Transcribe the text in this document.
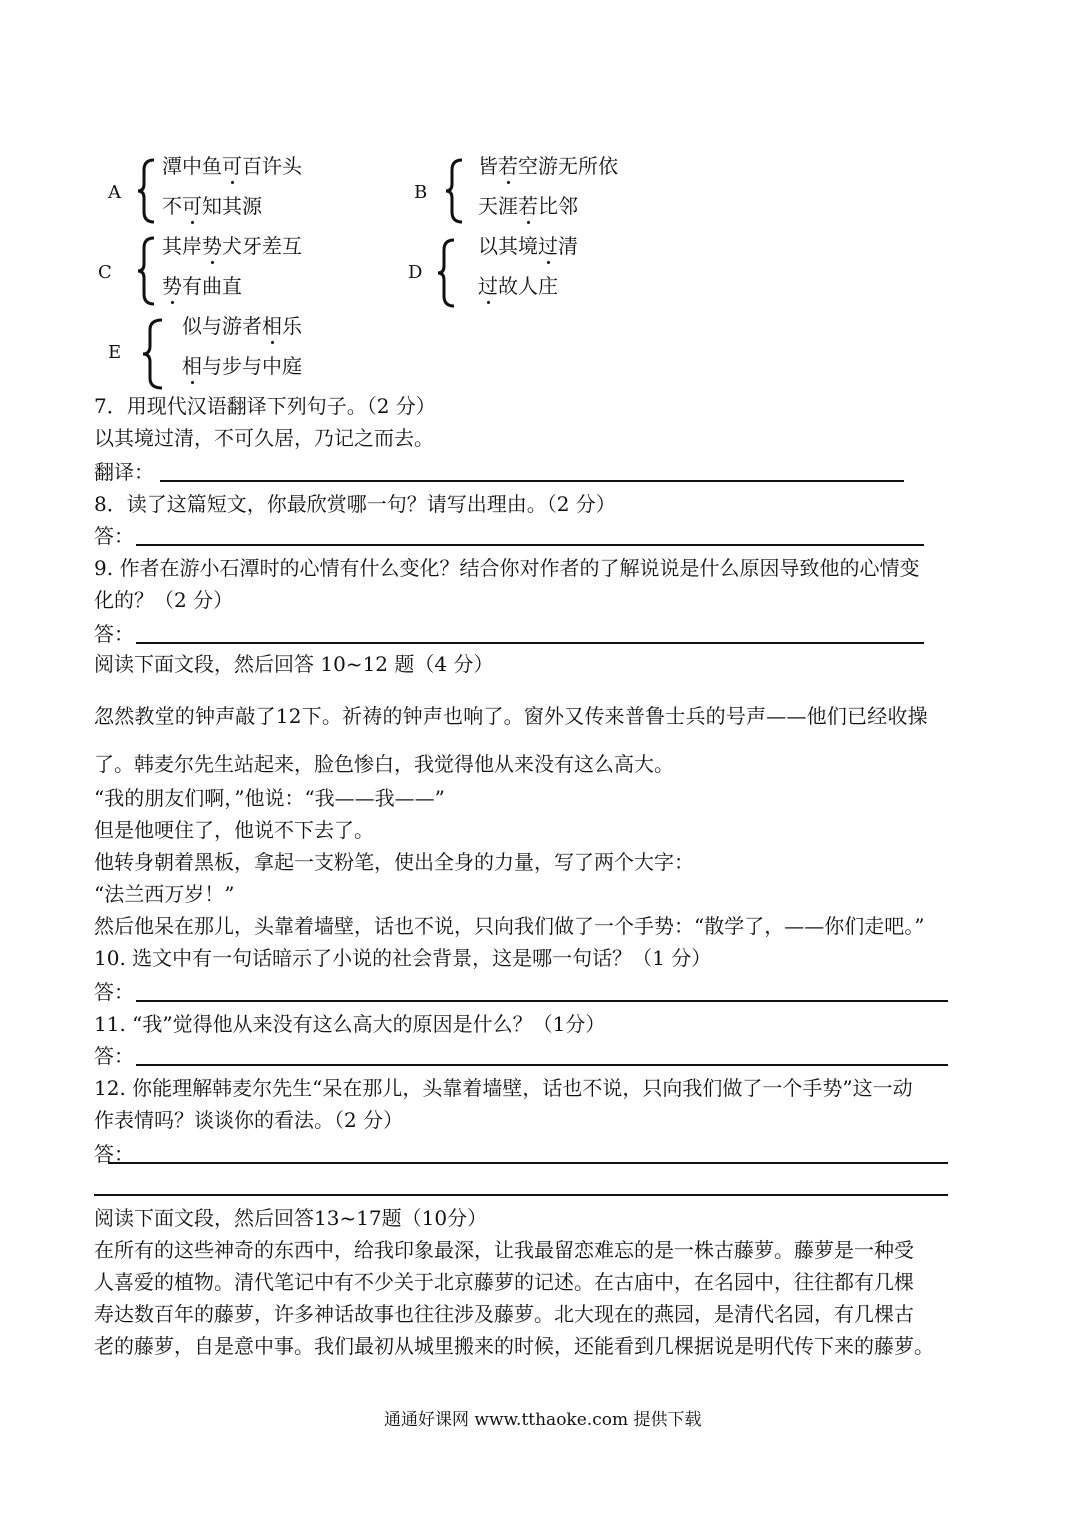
A
潭中鱼可百许头
不可知其源
B
皆若空游无所依
天涯若比邻
C
其岸势犬牙差互
势有曲直
D
以其境过清
过故人庄
E
似与游者相乐
相与步与中庭
7．用现代汉语翻译下列句子。（2 分）
以其境过清，不可久居，乃记之而去。
翻译：
8．读了这篇短文，你最欣赏哪一句？请写出理由。（2 分）
答：
9. 作者在游小石潭时的心情有什么变化？结合你对作者的了解说说是什么原因导致他的心情变
化的？（2 分）
答：
阅读下面文段，然后回答 10~12 题（4 分）
忽然教堂的钟声敲了12下。祈祷的钟声也响了。窗外又传来普鲁士兵的号声——他们已经收操
了。韩麦尔先生站起来，脸色惨白，我觉得他从来没有这么高大。
“我的朋友们啊，”他说：“我——我——”
但是他哽住了，他说不下去了。
他转身朝着黑板，拿起一支粉笔，使出全身的力量，写了两个大字：
“法兰西万岁！”
然后他呆在那儿，头靠着墙壁，话也不说，只向我们做了一个手势：“散学了，——你们走吧。”
10. 选文中有一句话暗示了小说的社会背景，这是哪一句话？（1 分）
答：
11. “我”觉得他从来没有这么高大的原因是什么？（1分）
答：
12. 你能理解韩麦尔先生“呆在那儿，头靠着墙壁，话也不说，只向我们做了一个手势”这一动
作表情吗？谈谈你的看法。（2 分）
答：
阅读下面文段，然后回答13~17题（10分）
在所有的这些神奇的东西中，给我印象最深，让我最留恋难忘的是一株古藤萝。藤萝是一种受
人喜爱的植物。清代笔记中有不少关于北京藤萝的记述。在古庙中，在名园中，往往都有几棵
寿达数百年的藤萝，许多神话故事也往往涉及藤萝。北大现在的燕园，是清代名园，有几棵古
老的藤萝，自是意中事。我们最初从城里搬来的时候，还能看到几棵据说是明代传下来的藤萝。
通通好课网 www.tthaoke.com 提供下载
